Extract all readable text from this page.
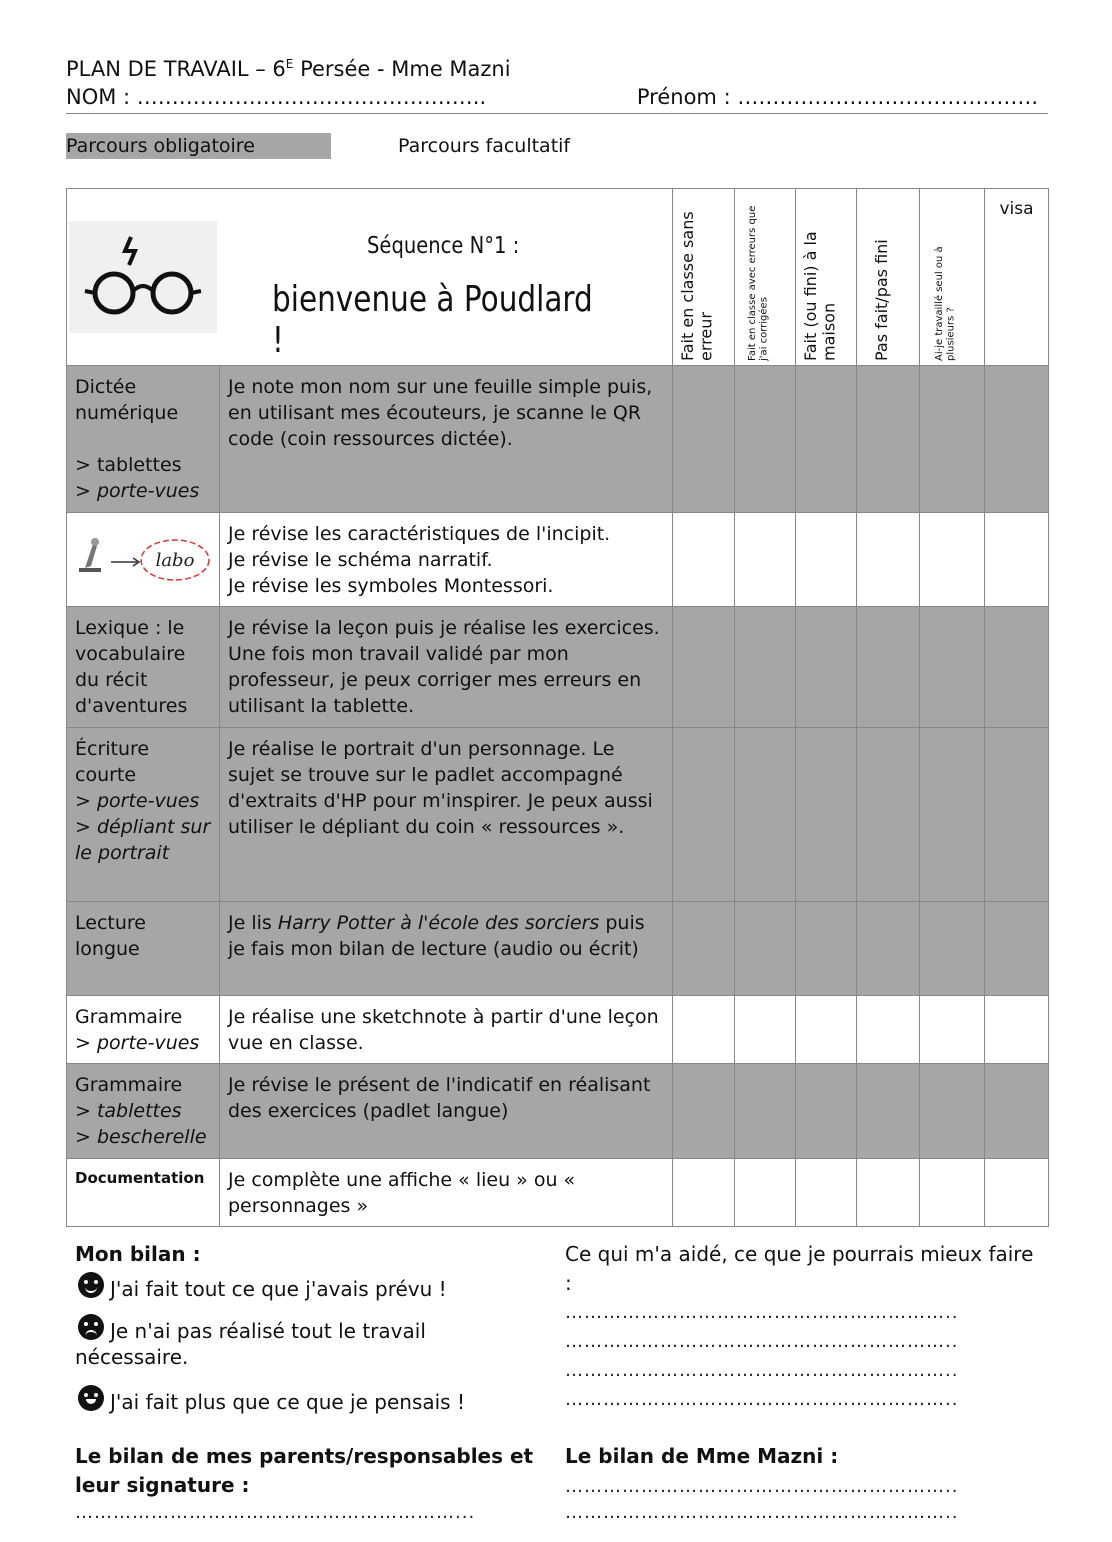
PLAN DE TRAVAIL – $6^E$ Persée - Mme Mazni
NOM : …………………………………………..	Prénom : …………………………………….
Parcours obligatoire	Parcours facultatif
Séquence N°1 :
bienvenue à Poudlard !		Fait en classe sans erreur	Fait en classe avec erreurs que j'ai corrigées	Fait (ou fini) à la maison	Pas fait/pas fini	Ai-je travaillé seul ou à plusieurs ?	visa

Dictée numérique
> tablettes
> porte-vues	Je note mon nom sur une feuille simple puis, en utilisant mes écouteurs, je scanne le QR code (coin ressources dictée).						

labo	Je révise les caractéristiques de l'incipit.
Je révise le schéma narratif.
Je révise les symboles Montessori.						

Lexique : le vocabulaire du récit d'aventures	Je révise la leçon puis je réalise les exercices. Une fois mon travail validé par mon professeur, je peux corriger mes erreurs en utilisant la tablette.						

Écriture courte
> porte-vues
> dépliant sur le portrait	Je réalise le portrait d'un personnage. Le sujet se trouve sur le padlet accompagné d'extraits d'HP pour m'inspirer. Je peux aussi utiliser le dépliant du coin « ressources ».						
Lecture longue	Je lis Harry Potter à l'école des sorciers puis je fais mon bilan de lecture (audio ou écrit)						

Grammaire
> porte-vues	Je réalise une sketchnote à partir d'une leçon vue en classe.						

Grammaire
> tablettes
> bescherelle	Je révise le présent de l'indicatif en réalisant des exercices (padlet langue)						
Documentation	Je complète une affiche « lieu » ou « personnages »						
Mon bilan :
J'ai fait tout ce que j'avais prévu !
Je n'ai pas réalisé tout le travail
nécessaire.
J'ai fait plus que ce que je pensais !
Ce qui m'a aidé, ce que je pourrais mieux faire :
……………………………………………………..
……………………………………………………..
……………………………………………………..
……………………………………………………..
Le bilan de mes parents/responsables et leur signature :
……………………………………………………...
Le bilan de Mme Mazni :
……………………………………………………..
……………………………………………………..
